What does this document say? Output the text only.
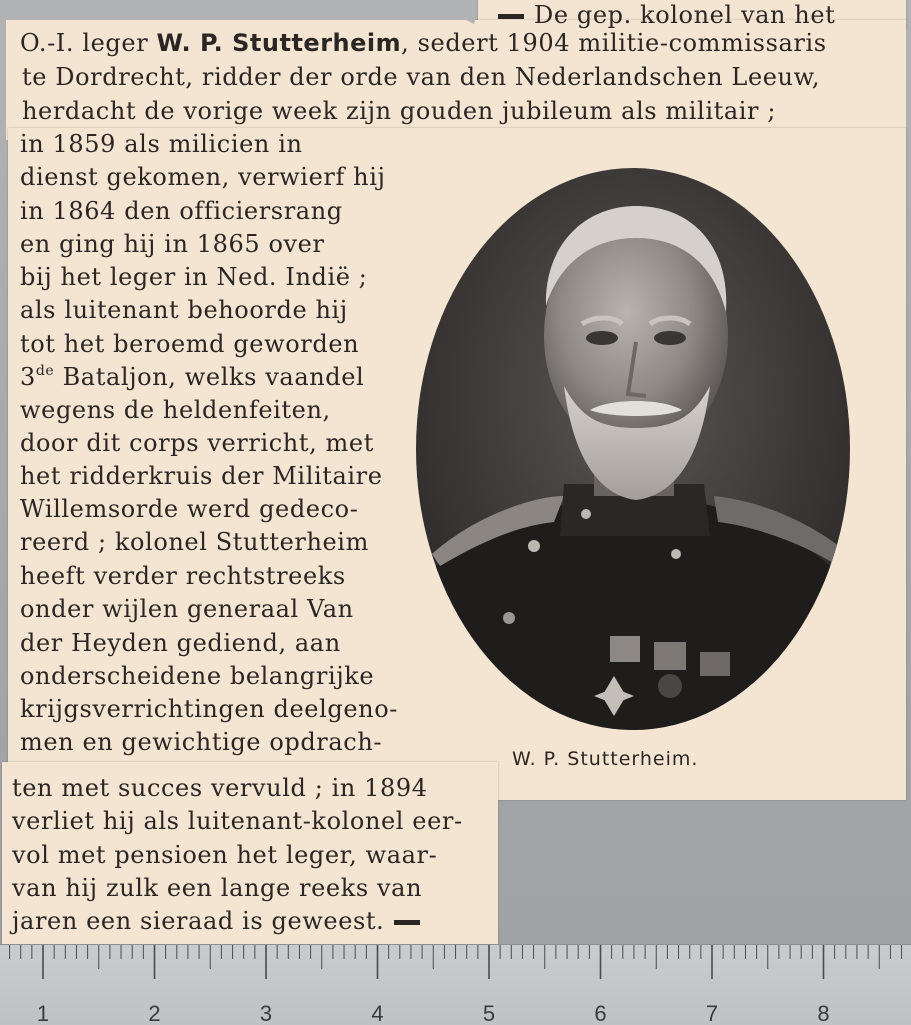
De gep. kolonel van het
O.-I. leger W. P. Stutterheim, sedert 1904 militie-commissaris
te Dordrecht, ridder der orde van den Nederlandschen Leeuw,
herdacht de vorige week zijn gouden jubileum als militair ;
in 1859 als milicien in
dienst gekomen, verwierf hij
in 1864 den officiersrang
en ging hij in 1865 over
bij het leger in Ned. Indië ;
als luitenant behoorde hij
tot het beroemd geworden
3de Bataljon, welks vaandel
wegens de heldenfeiten,
door dit corps verricht, met
het ridderkruis der Militaire
Willemsorde werd gedeco-
reerd ; kolonel Stutterheim
heeft verder rechtstreeks
onder wijlen generaal Van
der Heyden gediend, aan
onderscheidene belangrijke
krijgsverrichtingen deelgeno-
men en gewichtige opdrach-
ten met succes vervuld ; in 1894
verliet hij als luitenant-kolonel eer-
vol met pensioen het leger, waar-
van hij zulk een lange reeks van
jaren een sieraad is geweest.
W. P. Stutterheim.
1	2	3	4	5	6	7	8
